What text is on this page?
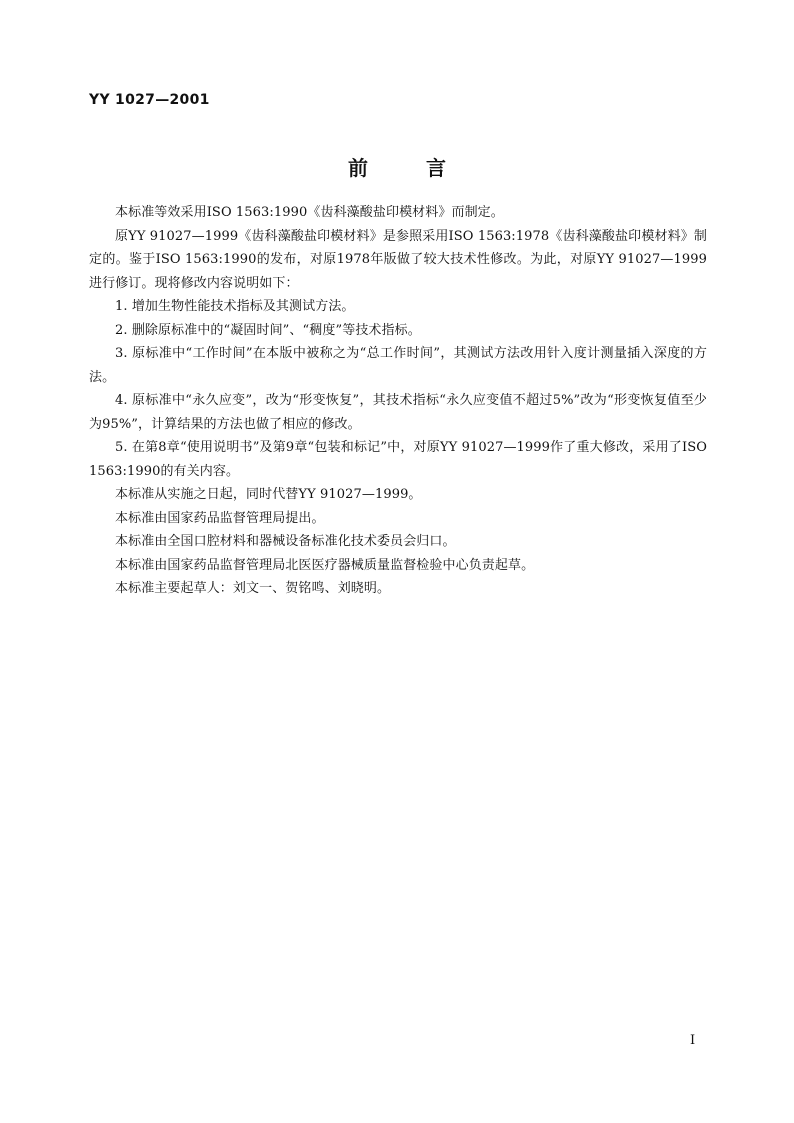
YY 1027—2001
前言

本标准等效采用ISO 1563:1990《齿科藻酸盐印模材料》而制定。

原YY 91027—1999《齿科藻酸盐印模材料》是参照采用ISO 1563:1978《齿科藻酸盐印模材料》制定的。鉴于ISO 1563:1990的发布，对原1978年版做了较大技术性修改。为此，对原YY 91027—1999进行修订。现将修改内容说明如下：

1. 增加生物性能技术指标及其测试方法。

2. 删除原标准中的“凝固时间”、“稠度”等技术指标。

3. 原标准中“工作时间”在本版中被称之为“总工作时间”，其测试方法改用针入度计测量插入深度的方法。

4. 原标准中“永久应变”，改为“形变恢复”，其技术指标“永久应变值不超过5%”改为“形变恢复值至少为95%”，计算结果的方法也做了相应的修改。

5. 在第8章“使用说明书”及第9章“包装和标记”中，对原YY 91027—1999作了重大修改，采用了ISO 1563:1990的有关内容。

本标准从实施之日起，同时代替YY 91027—1999。

本标准由国家药品监督管理局提出。

本标准由全国口腔材料和器械设备标准化技术委员会归口。

本标准由国家药品监督管理局北医医疗器械质量监督检验中心负责起草。

本标准主要起草人：刘文一、贺铭鸣、刘晓明。

I
